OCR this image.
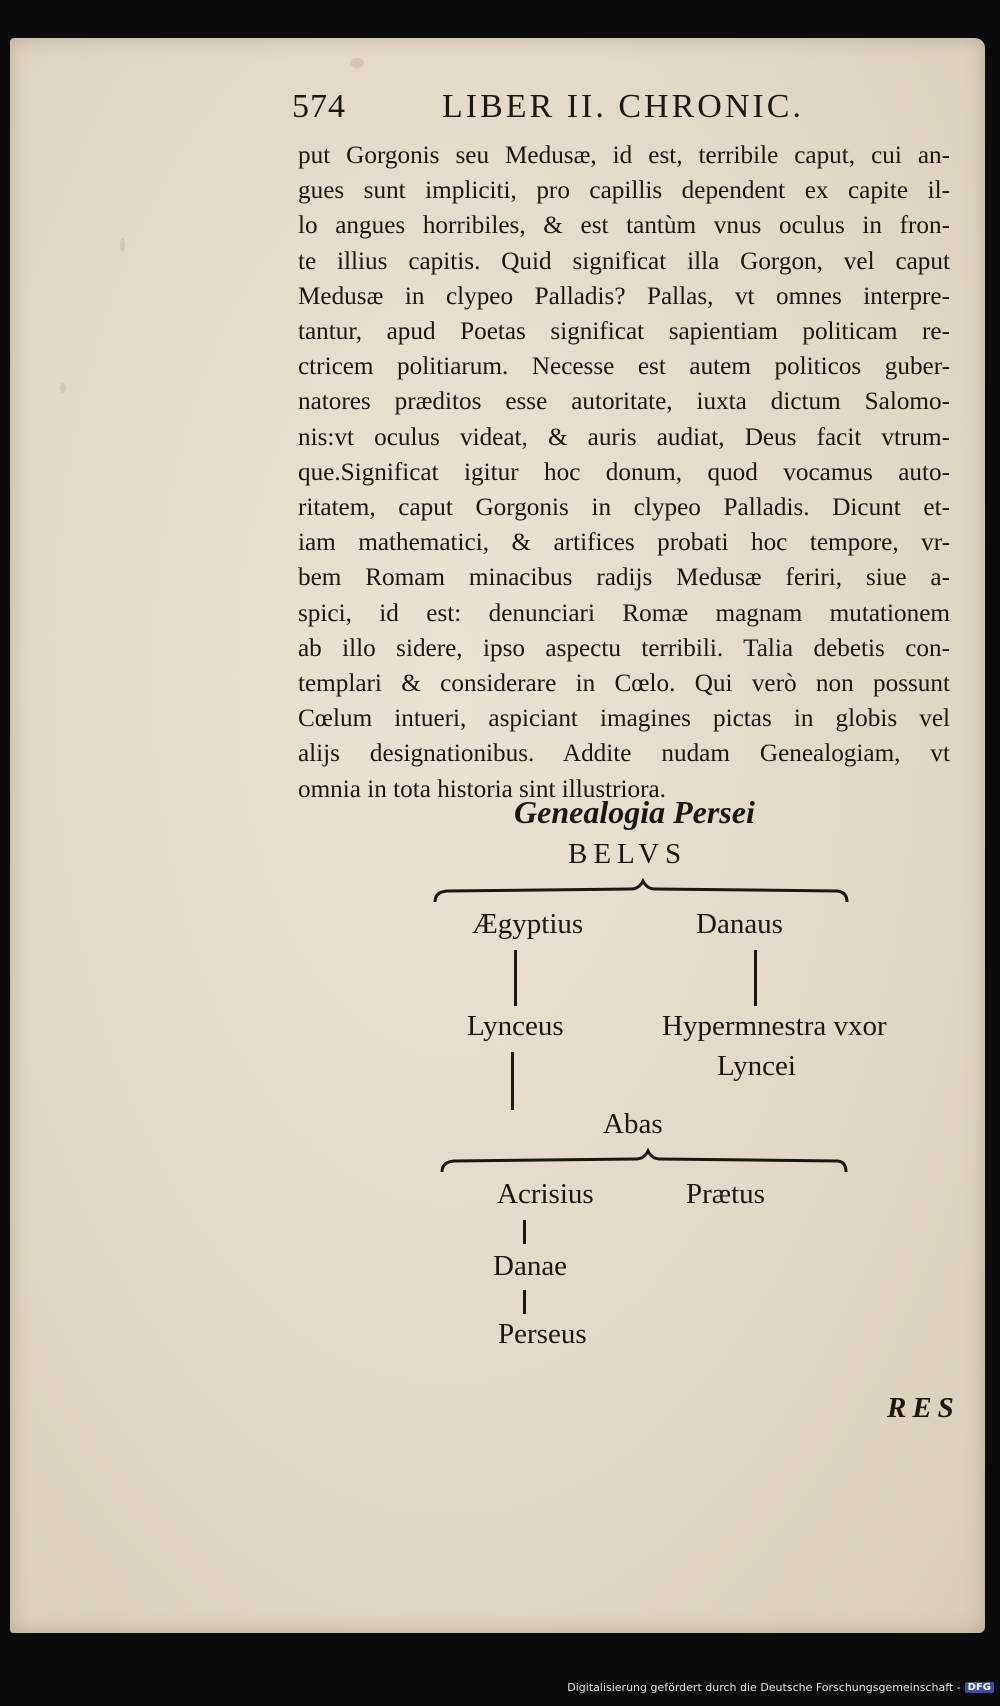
574	LIBER II. CHRONIC.
put Gorgonis seu Medusæ, id est, terribile caput, cui an-
gues sunt impliciti, pro capillis dependent ex capite il-
lo angues horribiles, & est tantùm vnus oculus in fron-
te illius capitis. Quid significat illa Gorgon, vel caput
Medusæ in clypeo Palladis? Pallas, vt omnes interpre-
tantur, apud Poetas significat sapientiam politicam re-
ctricem politiarum. Necesse est autem politicos guber-
natores præditos esse autoritate, iuxta dictum Salomo-
nis:vt oculus videat, & auris audiat, Deus facit vtrum-
que.Significat igitur hoc donum, quod vocamus auto-
ritatem, caput Gorgonis in clypeo Palladis. Dicunt et-
iam mathematici, & artifices probati hoc tempore, vr-
bem Romam minacibus radijs Medusæ feriri, siue a-
spici, id est: denunciari Romæ magnam mutationem
ab illo sidere, ipso aspectu terribili. Talia debetis con-
templari & considerare in Cœlo. Qui verò non possunt
Cœlum intueri, aspiciant imagines pictas in globis vel
alijs designationibus. Addite nudam Genealogiam, vt
omnia in tota historia sint illustriora.
Genealogia Persei
BELVS
Ægyptius	Danaus
Lynceus	Hypermnestra vxor
Lyncei
Abas
Acrisius	Prætus
Danae
Perseus
RES
Digitalisierung gefördert durch die Deutsche Forschungsgemeinschaft - DFG
